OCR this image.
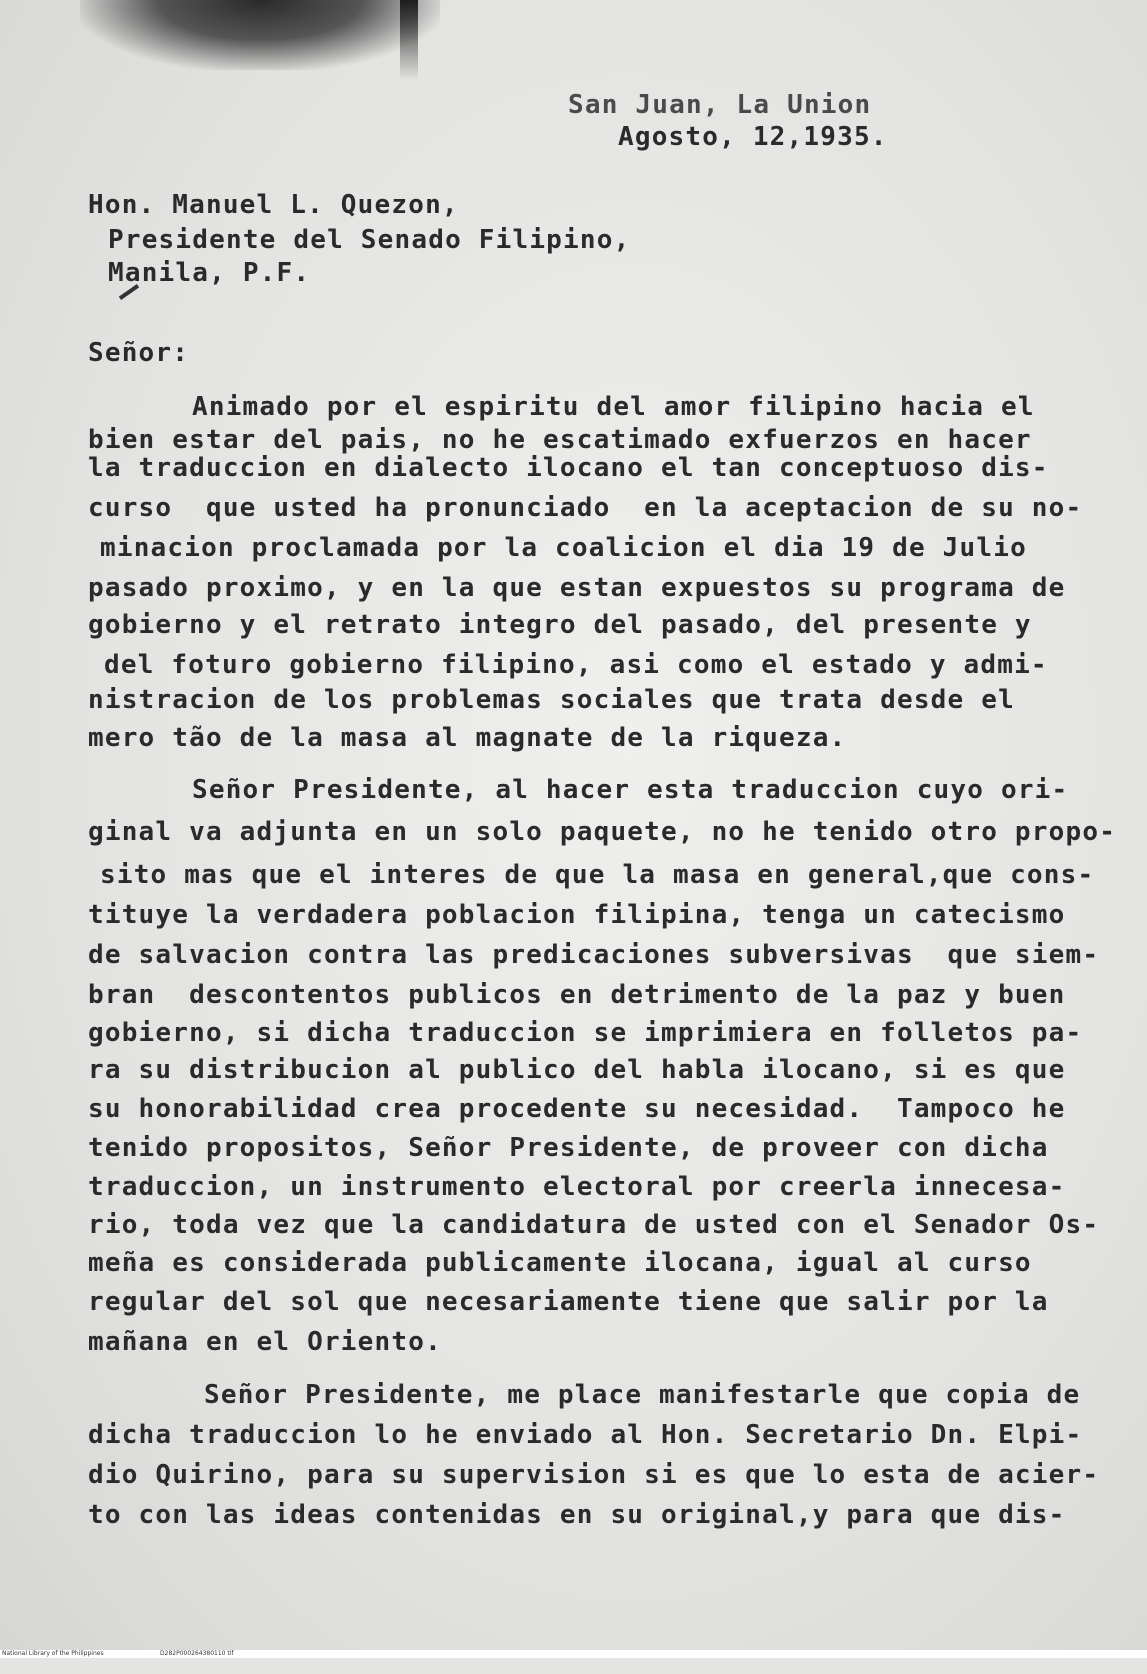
San Juan, La Union
Agosto, 12,1935.
Hon. Manuel L. Quezon,
Presidente del Senado Filipino,
Manila, P.F.
Señor:
Animado por el espiritu del amor filipino hacia el
bien estar del pais, no he escatimado exfuerzos en hacer
la traduccion en dialecto ilocano el tan conceptuoso dis-
curso  que usted ha pronunciado  en la aceptacion de su no-
minacion proclamada por la coalicion el dia 19 de Julio
pasado proximo, y en la que estan expuestos su programa de
gobierno y el retrato integro del pasado, del presente y
del foturo gobierno filipino, asi como el estado y admi-
nistracion de los problemas sociales que trata desde el
mero tão de la masa al magnate de la riqueza.
Señor Presidente, al hacer esta traduccion cuyo ori-
ginal va adjunta en un solo paquete, no he tenido otro propo-
sito mas que el interes de que la masa en general,que cons-
tituye la verdadera poblacion filipina, tenga un catecismo
de salvacion contra las predicaciones subversivas  que siem-
bran  descontentos publicos en detrimento de la paz y buen
gobierno, si dicha traduccion se imprimiera en folletos pa-
ra su distribucion al publico del habla ilocano, si es que
su honorabilidad crea procedente su necesidad.  Tampoco he
tenido propositos, Señor Presidente, de proveer con dicha
traduccion, un instrumento electoral por creerla innecesa-
rio, toda vez que la candidatura de usted con el Senador Os-
meña es considerada publicamente ilocana, igual al curso
regular del sol que necesariamente tiene que salir por la
mañana en el Oriento.
Señor Presidente, me place manifestarle que copia de
dicha traduccion lo he enviado al Hon. Secretario Dn. Elpi-
dio Quirino, para su supervision si es que lo esta de acier-
to con las ideas contenidas en su original,y para que dis-

National Library of the Philippines

	D282P000264380110 tif
